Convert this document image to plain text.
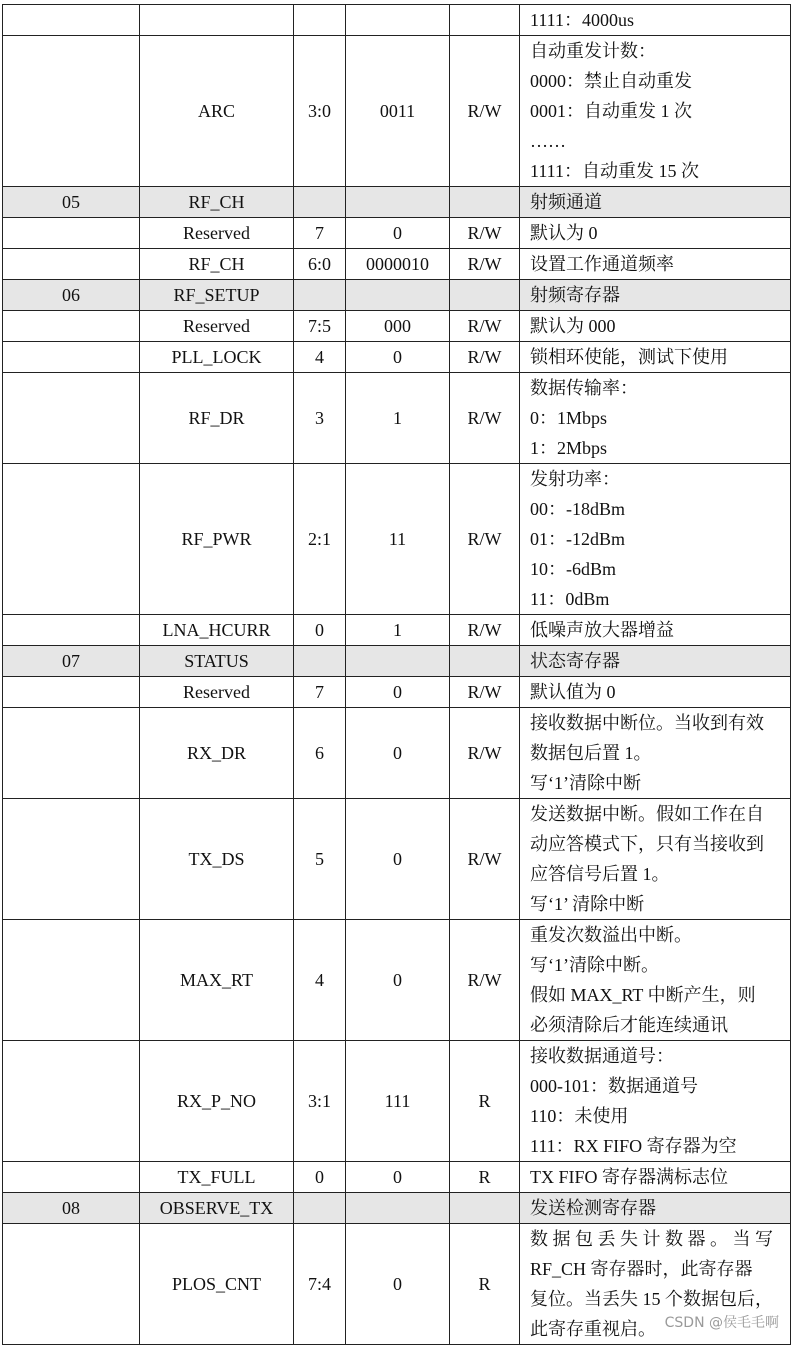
					1111：4000us

	ARC	3:0	0011	R/W	自动重发计数：
0000：禁止自动重发
0001：自动重发 1 次
……
1111：自动重发 15 次

05	RF_CH				射频通道

	Reserved	7	0	R/W	默认为 0

	RF_CH	6:0	0000010	R/W	设置工作通道频率

06	RF_SETUP				射频寄存器

	Reserved	7:5	000	R/W	默认为 000

	PLL_LOCK	4	0	R/W	锁相环使能，测试下使用

	RF_DR	3	1	R/W	数据传输率：
0：1Mbps
1：2Mbps

	RF_PWR	2:1	11	R/W	发射功率：
00：-18dBm
01：-12dBm
10：-6dBm
11：0dBm

	LNA_HCURR	0	1	R/W	低噪声放大器增益

07	STATUS				状态寄存器

	Reserved	7	0	R/W	默认值为 0

	RX_DR	6	0	R/W	接收数据中断位。当收到有效
数据包后置 1。
写‘1’清除中断

	TX_DS	5	0	R/W	发送数据中断。假如工作在自
动应答模式下，只有当接收到
应答信号后置 1。
写‘1’ 清除中断

	MAX_RT	4	0	R/W	重发次数溢出中断。
写‘1’清除中断。
假如 MAX_RT 中断产生，则
必须清除后才能连续通讯

	RX_P_NO	3:1	111	R	接收数据通道号：
000-101：数据通道号
110：未使用
111：RX FIFO 寄存器为空

	TX_FULL	0	0	R	TX FIFO 寄存器满标志位

08	OBSERVE_TX				发送检测寄存器

	PLOS_CNT	7:4	0	R	数 据 包 丢 失 计 数 器 。 当 写
RF_CH 寄存器时，此寄存器
复位。当丢失 15 个数据包后，
此寄存重视启。 CSDN @侯毛毛啊
